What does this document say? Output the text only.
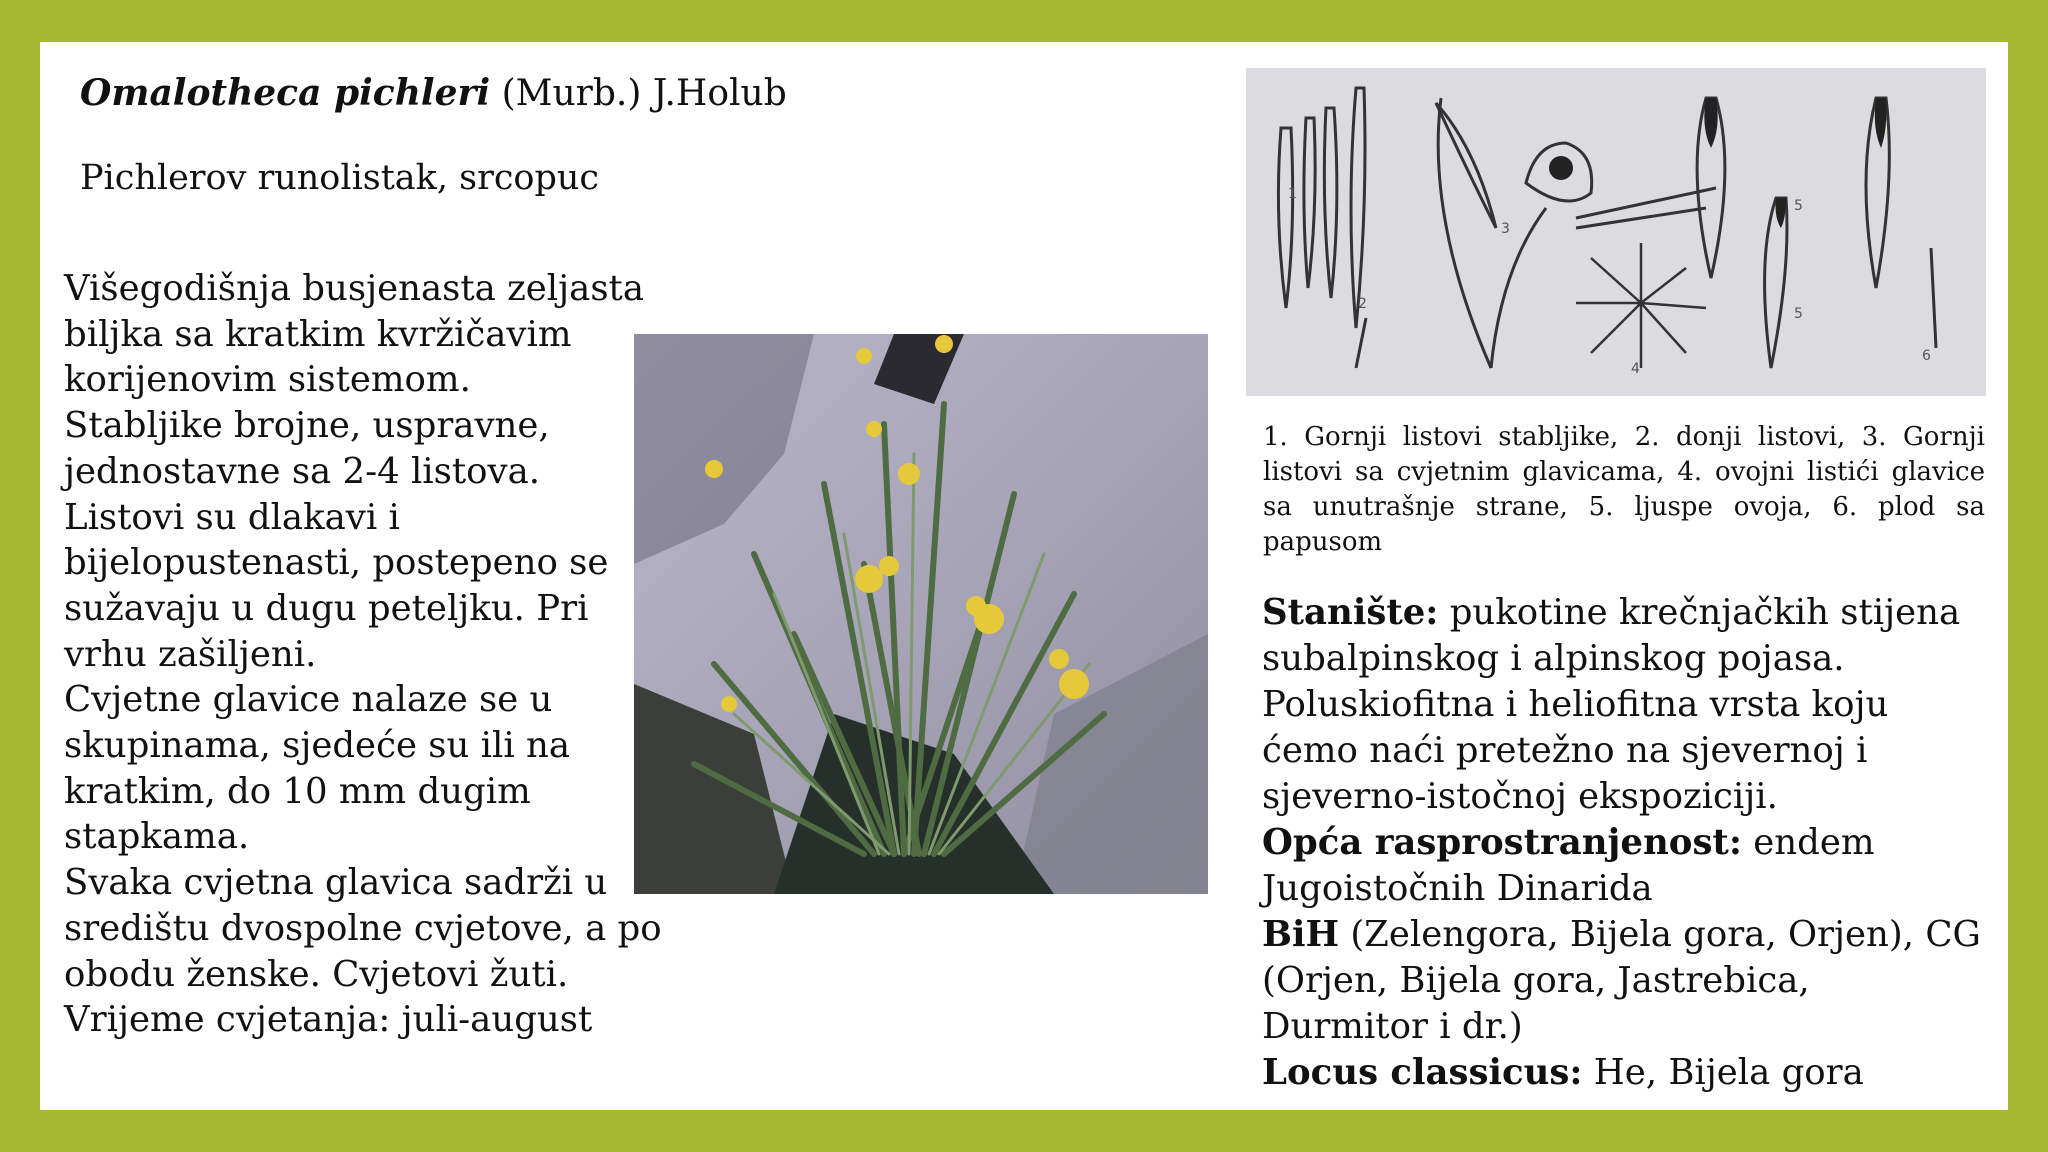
Omalotheca pichleri (Murb.) J.Holub
Pichlerov runolistak, srcopuc
Višegodišnja busjenasta zeljasta
biljka sa kratkim kvržičavim
korijenovim sistemom.
Stabljike brojne, uspravne,
jednostavne sa 2-4 listova.
Listovi su dlakavi i
bijelopustenasti, postepeno se
sužavaju u dugu peteljku. Pri
vrhu zašiljeni.
Cvjetne glavice nalaze se u
skupinama, sjedeće su ili na
kratkim, do 10 mm dugim
stapkama.
Svaka cvjetna glavica sadrži u
središtu dvospolne cvjetove, a po
obodu ženske. Cvjetovi žuti.
Vrijeme cvjetanja: juli-august
1
2
3
4
5
5
6
1. Gornji listovi stabljike, 2. donji listovi, 3. Gornji listovi sa cvjetnim glavicama, 4. ovojni listići glavice sa unutrašnje strane, 5. ljuspe ovoja, 6. plod sa papusom
Stanište: pukotine krečnjačkih stijena
subalpinskog i alpinskog pojasa.
Poluskiofitna i heliofitna vrsta koju
ćemo naći pretežno na sjevernoj i
sjeverno-istočnoj ekspoziciji.
Opća rasprostranjenost: endem
Jugoistočnih Dinarida
BiH (Zelengora, Bijela gora, Orjen), CG
(Orjen, Bijela gora, Jastrebica,
Durmitor i dr.)
Locus classicus: He, Bijela gora
